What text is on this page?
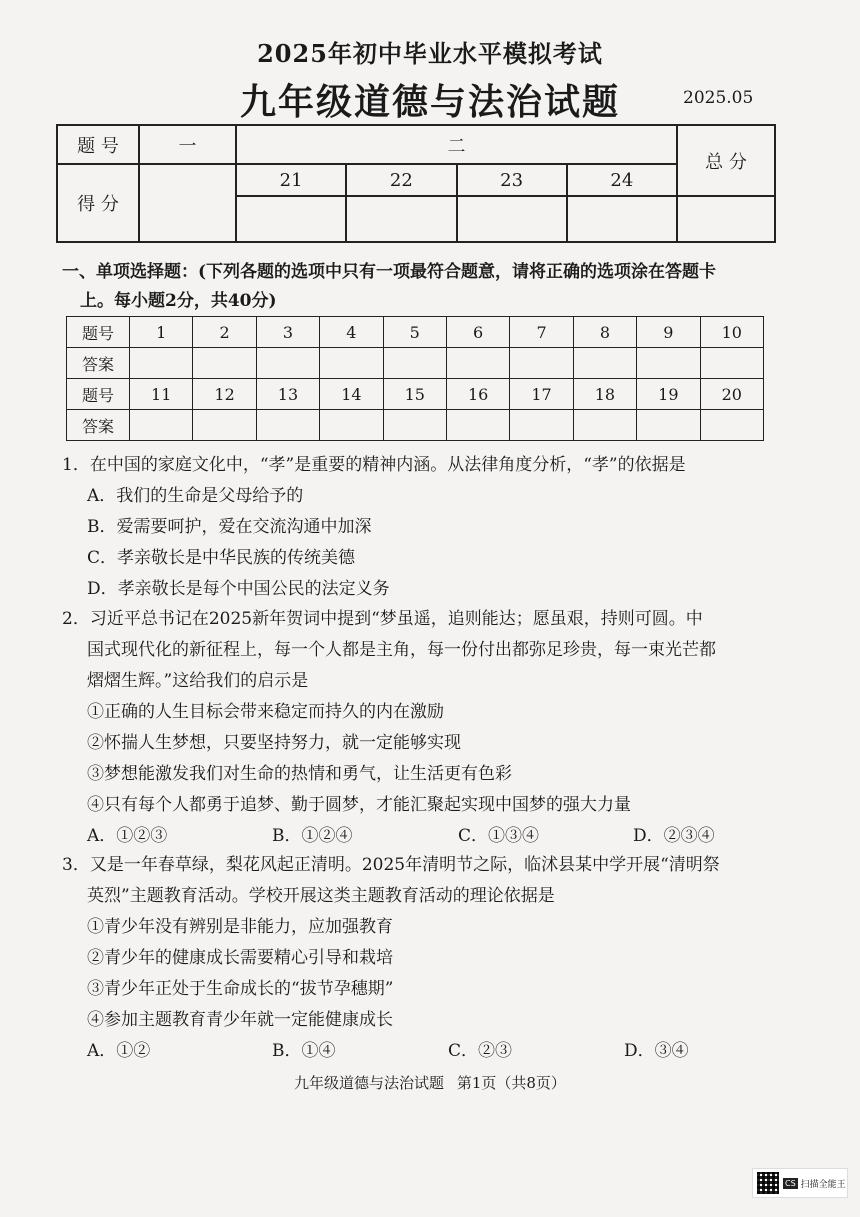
2025年初中毕业水平模拟考试
九年级道德与法治试题	2025.05
题 号	一	二				总 分
得 分		21	22	23	24	

一、单项选择题：(下列各题的选项中只有一项最符合题意，请将正确的选项涂在答题卡
上。每小题2分，共40分)
题号	1	2	3	4	5	6	7	8	9	10
答案										
题号	11	12	13	14	15	16	17	18	19	20
答案										
1．在中国的家庭文化中，“孝”是重要的精神内涵。从法律角度分析，“孝”的依据是
A．我们的生命是父母给予的
B．爱需要呵护，爱在交流沟通中加深
C．孝亲敬长是中华民族的传统美德
D．孝亲敬长是每个中国公民的法定义务
2．习近平总书记在2025新年贺词中提到“梦虽遥，追则能达；愿虽艰，持则可圆。中
国式现代化的新征程上，每一个人都是主角，每一份付出都弥足珍贵，每一束光芒都
熠熠生辉。”这给我们的启示是
①正确的人生目标会带来稳定而持久的内在激励
②怀揣人生梦想，只要坚持努力，就一定能够实现
③梦想能激发我们对生命的热情和勇气，让生活更有色彩
④只有每个人都勇于追梦、勤于圆梦，才能汇聚起实现中国梦的强大力量
A．①②③	B．①②④	C．①③④	D．②③④
3．又是一年春草绿，梨花风起正清明。2025年清明节之际，临沭县某中学开展“清明祭
英烈”主题教育活动。学校开展这类主题教育活动的理论依据是
①青少年没有辨别是非能力，应加强教育
②青少年的健康成长需要精心引导和栽培
③青少年正处于生命成长的“拔节孕穗期”
④参加主题教育青少年就一定能健康成长
A．①②	B．①④	C．②③	D．③④
九年级道德与法治试题 第1页（共8页）
CS 扫描全能王
